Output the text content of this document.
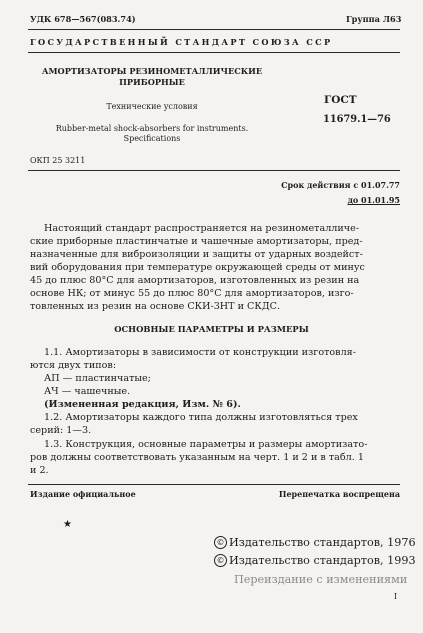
УДК 678—567(083.74)	Группа Л63
ГОСУДАРСТВЕННЫЙ СТАНДАРТ СОЮЗА ССР
АМОРТИЗАТОРЫ РЕЗИНОМЕТАЛЛИЧЕСКИЕ
ПРИБОРНЫЕ
Технические условия
Rubber-metal shock-absorbers for instruments.
Specifications
ГОСТ
11679.1—76
ОКП 25 3211
Срок действия с 01.07.77
до 01.01.95
Настоящий стандарт распространяется на резинометалличе-
ские приборные пластинчатые и чашечные амортизаторы, пред-
назначенные для виброизоляции и защиты от ударных воздейст-
вий оборудования при температуре окружающей среды от минус
45 до плюс 80°С для амортизаторов, изготовленных из резин на
основе НК; от минус 55 до плюс 80°С для амортизаторов, изго-
товленных из резин на основе СКИ-3НТ и СКДС.
ОСНОВНЫЕ ПАРАМЕТРЫ И РАЗМЕРЫ
1.1. Амортизаторы в зависимости от конструкции изготовля-
ются двух типов:
АП — пластинчатые;
АЧ — чашечные.
(Измененная редакция, Изм. № 6).
1.2. Амортизаторы каждого типа должны изготовляться трех
серий: 1—3.
1.3. Конструкция, основные параметры и размеры амортизато-
ров должны соответствовать указанным на черт. 1 и 2 и в табл. 1
и 2.
Издание официальное	Перепечатка воспрещена
★
© Издательство стандартов, 1976
© Издательство стандартов, 1993
Переиздание с изменениями
I
